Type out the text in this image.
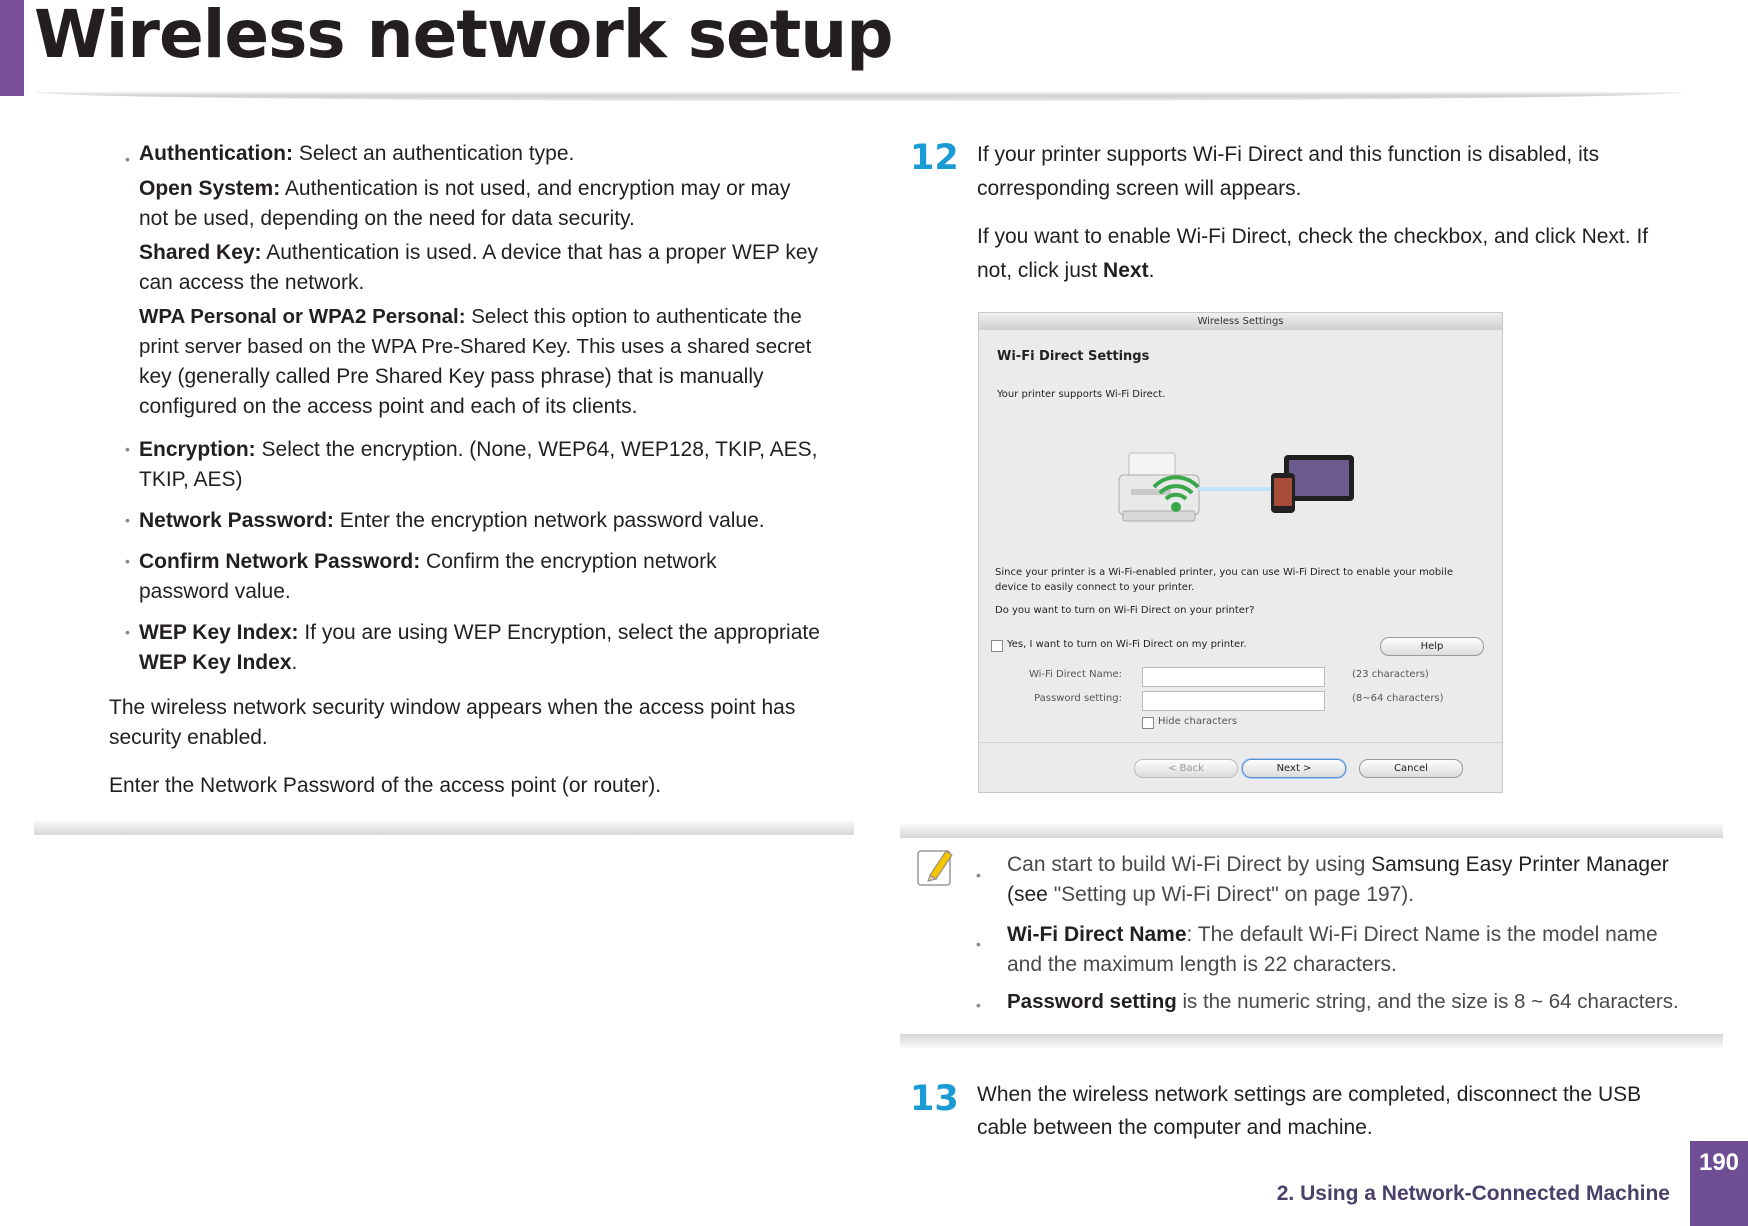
Wireless network setup
• Authentication: Select an authentication type.

Open System: Authentication is not used, and encryption may or may

not be used, depending on the need for data security.

Shared Key: Authentication is used. A device that has a proper WEP key

can access the network.

WPA Personal or WPA2 Personal: Select this option to authenticate the

print server based on the WPA Pre-Shared Key. This uses a shared secret

key (generally called Pre Shared Key pass phrase) that is manually

configured on the access point and each of its clients.

• Encryption: Select the encryption. (None, WEP64, WEP128, TKIP, AES,

TKIP, AES)

• Network Password: Enter the encryption network password value.

• Confirm Network Password: Confirm the encryption network

password value.

• WEP Key Index: If you are using WEP Encryption, select the appropriate

WEP Key Index.

The wireless network security window appears when the access point has

security enabled.

Enter the Network Password of the access point (or router).

12 If your printer supports Wi-Fi Direct and this function is disabled, its

corresponding screen will appears.

If you want to enable Wi-Fi Direct, check the checkbox, and click Next. If

not, click just Next.

Wireless Settings
Wi-Fi Direct Settings
Your printer supports Wi-Fi Direct.
Since your printer is a Wi-Fi-enabled printer, you can use Wi-Fi Direct to enable your mobile
device to easily connect to your printer.
Do you want to turn on Wi-Fi Direct on your printer?
Yes, I want to turn on Wi-Fi Direct on my printer.	Help
Wi-Fi Direct Name:	(23 characters)
Password setting:	(8~64 characters)
Hide characters
< Back	Next >	Cancel
• Can start to build Wi-Fi Direct by using Samsung Easy Printer Manager

(see "Setting up Wi-Fi Direct" on page 197).

• Wi-Fi Direct Name: The default Wi-Fi Direct Name is the model name

and the maximum length is 22 characters.

• Password setting is the numeric string, and the size is 8 ~ 64 characters.

13 When the wireless network settings are completed, disconnect the USB

cable between the computer and machine.

2. Using a Network-Connected Machine
190
